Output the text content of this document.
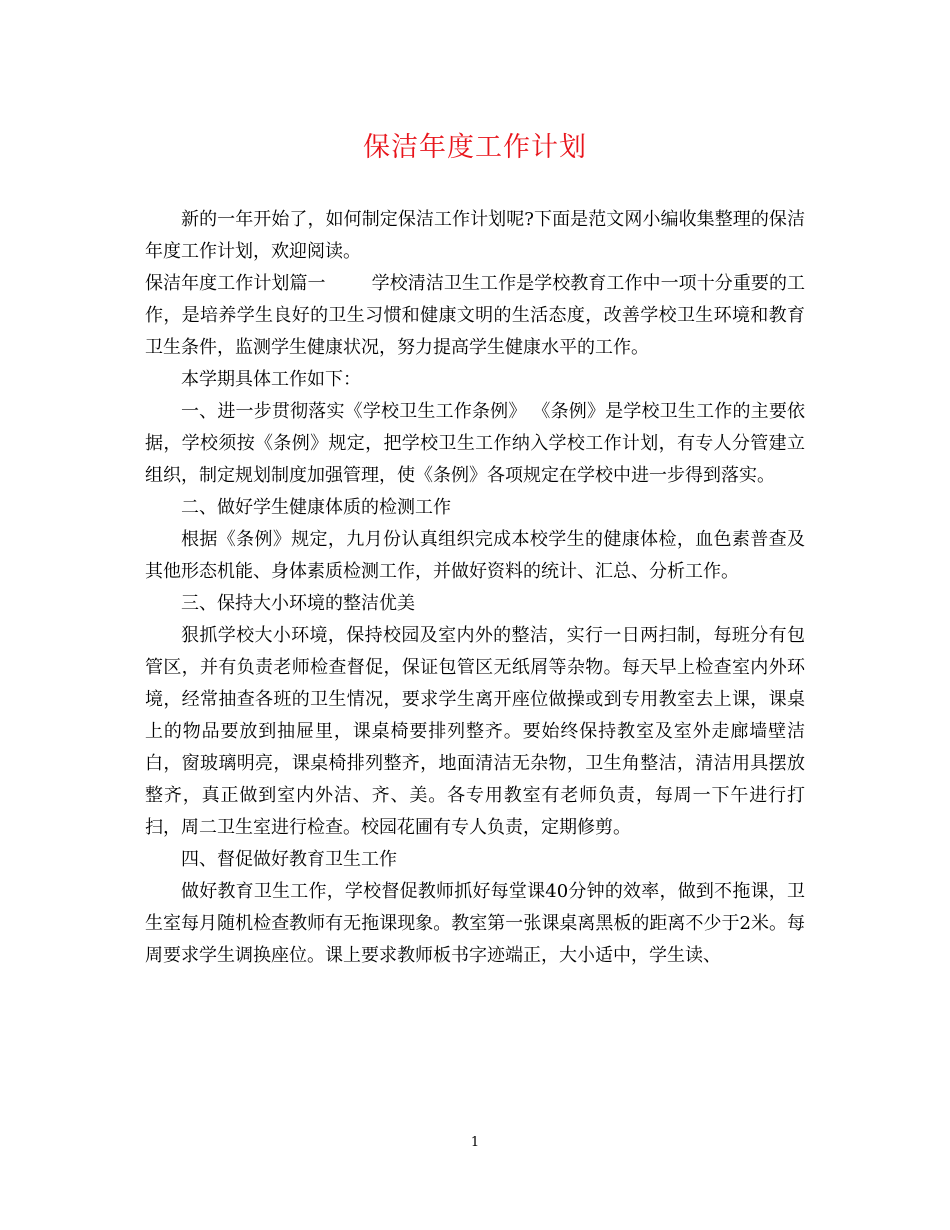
保洁年度工作计划

新的一年开始了，如何制定保洁工作计划呢?下面是范文网小编收集整理的保洁年度工作计划，欢迎阅读。

保洁年度工作计划篇一	学校清洁卫生工作是学校教育工作中一项十分重要的工作，是培养学生良好的卫生习惯和健康文明的生活态度，改善学校卫生环境和教育卫生条件，监测学生健康状况，努力提高学生健康水平的工作。

本学期具体工作如下：

一、进一步贯彻落实《学校卫生工作条例》 《条例》是学校卫生工作的主要依据，学校须按《条例》规定，把学校卫生工作纳入学校工作计划，有专人分管建立组织，制定规划制度加强管理，使《条例》各项规定在学校中进一步得到落实。

二、做好学生健康体质的检测工作

根据《条例》规定，九月份认真组织完成本校学生的健康体检，血色素普查及其他形态机能、身体素质检测工作，并做好资料的统计、汇总、分析工作。

三、保持大小环境的整洁优美

狠抓学校大小环境，保持校园及室内外的整洁，实行一日两扫制，每班分有包管区，并有负责老师检查督促，保证包管区无纸屑等杂物。每天早上检查室内外环境，经常抽查各班的卫生情况，要求学生离开座位做操或到专用教室去上课，课桌上的物品要放到抽屉里，课桌椅要排列整齐。要始终保持教室及室外走廊墙壁洁白，窗玻璃明亮，课桌椅排列整齐，地面清洁无杂物，卫生角整洁，清洁用具摆放整齐，真正做到室内外洁、齐、美。各专用教室有老师负责，每周一下午进行打扫，周二卫生室进行检查。校园花圃有专人负责，定期修剪。

四、督促做好教育卫生工作

做好教育卫生工作，学校督促教师抓好每堂课40分钟的效率，做到不拖课，卫生室每月随机检查教师有无拖课现象。教室第一张课桌离黑板的距离不少于2米。每周要求学生调换座位。课上要求教师板书字迹端正，大小适中，学生读、

1
